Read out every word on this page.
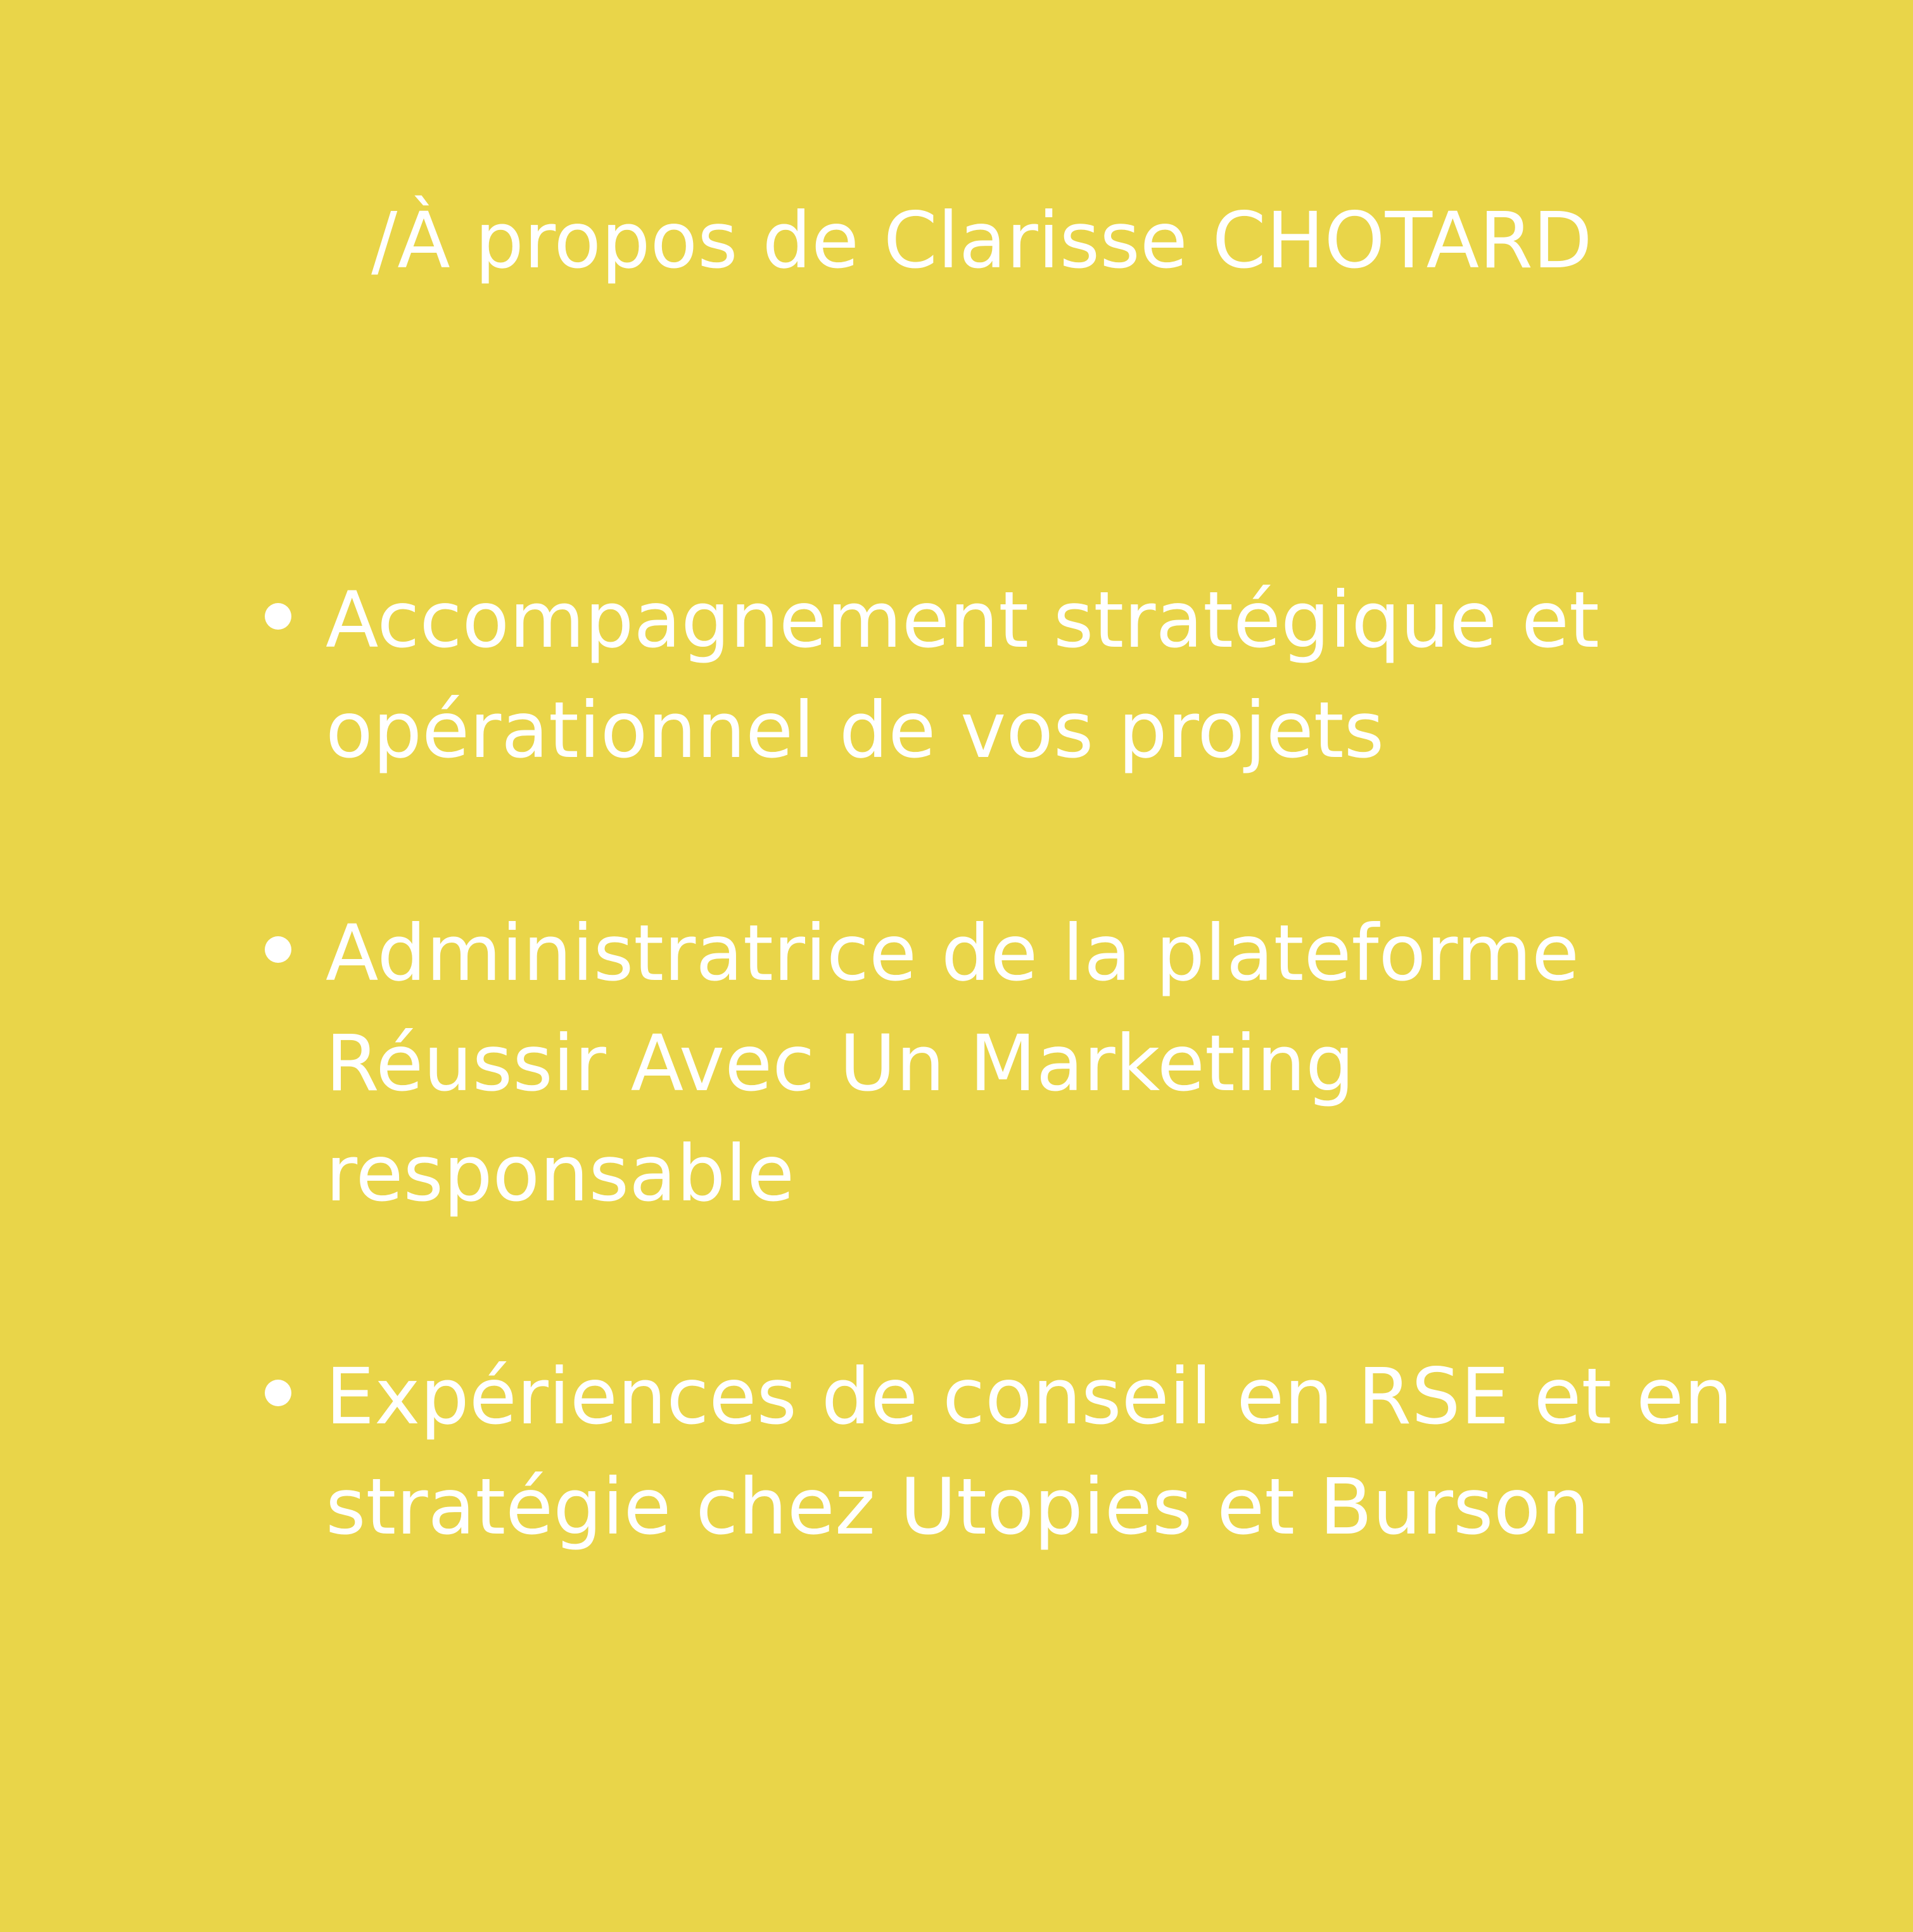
/À propos de Clarisse CHOTARD
Accompagnement stratégique et
opérationnel de vos projets
Administratrice de la plateforme
Réussir Avec Un Marketing
responsable
Expériences de conseil en RSE et en
stratégie chez Utopies et Burson
